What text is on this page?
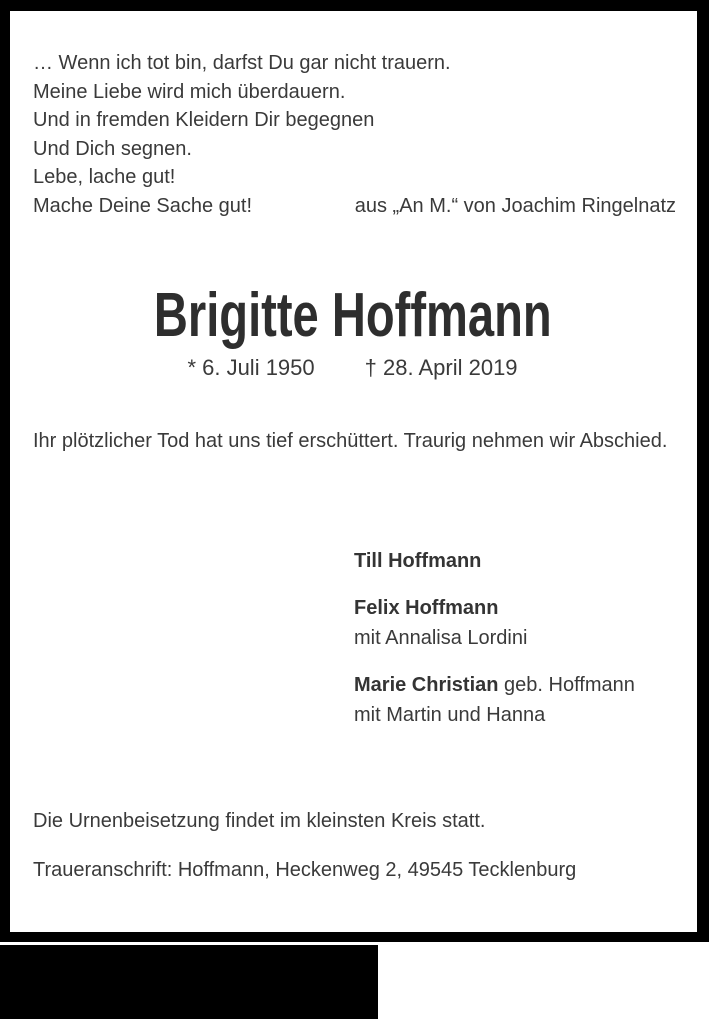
… Wenn ich tot bin, darfst Du gar nicht trauern.
Meine Liebe wird mich überdauern.
Und in fremden Kleidern Dir begegnen
Und Dich segnen.
Lebe, lache gut!
Mache Deine Sache gut!	aus „An M.“ von Joachim Ringelnatz
Brigitte Hoffmann
* 6. Juli 1950 † 28. April 2019
Ihr plötzlicher Tod hat uns tief erschüttert. Traurig nehmen wir Abschied.
Till Hoffmann
Felix Hoffmann
mit Annalisa Lordini
Marie Christian geb. Hoffmann
mit Martin und Hanna
Die Urnenbeisetzung findet im kleinsten Kreis statt.
Traueranschrift: Hoffmann, Heckenweg 2, 49545 Tecklenburg
